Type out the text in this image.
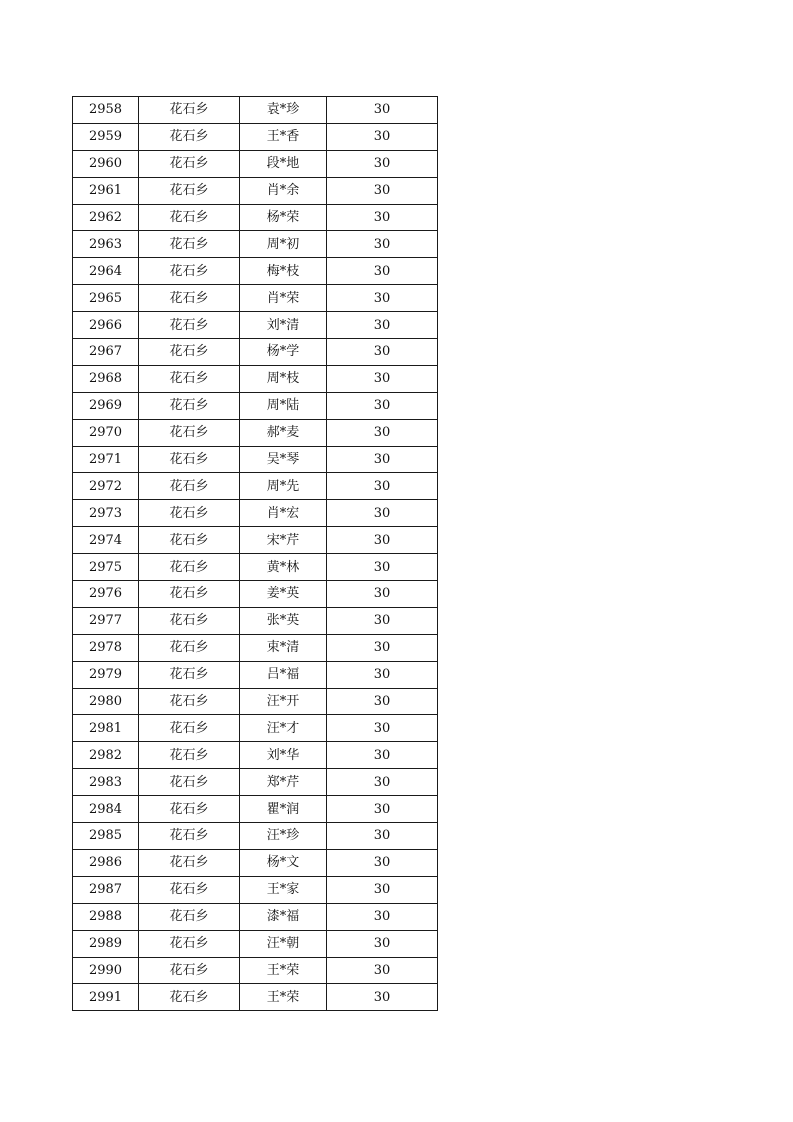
2958	花石乡	袁*珍	30
2959	花石乡	王*香	30
2960	花石乡	段*地	30
2961	花石乡	肖*余	30
2962	花石乡	杨*荣	30
2963	花石乡	周*初	30
2964	花石乡	梅*枝	30
2965	花石乡	肖*荣	30
2966	花石乡	刘*清	30
2967	花石乡	杨*学	30
2968	花石乡	周*枝	30
2969	花石乡	周*陆	30
2970	花石乡	郝*麦	30
2971	花石乡	吴*琴	30
2972	花石乡	周*先	30
2973	花石乡	肖*宏	30
2974	花石乡	宋*芹	30
2975	花石乡	黄*林	30
2976	花石乡	姜*英	30
2977	花石乡	张*英	30
2978	花石乡	束*清	30
2979	花石乡	吕*福	30
2980	花石乡	汪*开	30
2981	花石乡	汪*才	30
2982	花石乡	刘*华	30
2983	花石乡	郑*芹	30
2984	花石乡	瞿*润	30
2985	花石乡	汪*珍	30
2986	花石乡	杨*文	30
2987	花石乡	王*家	30
2988	花石乡	漆*福	30
2989	花石乡	汪*朝	30
2990	花石乡	王*荣	30
2991	花石乡	王*荣	30
